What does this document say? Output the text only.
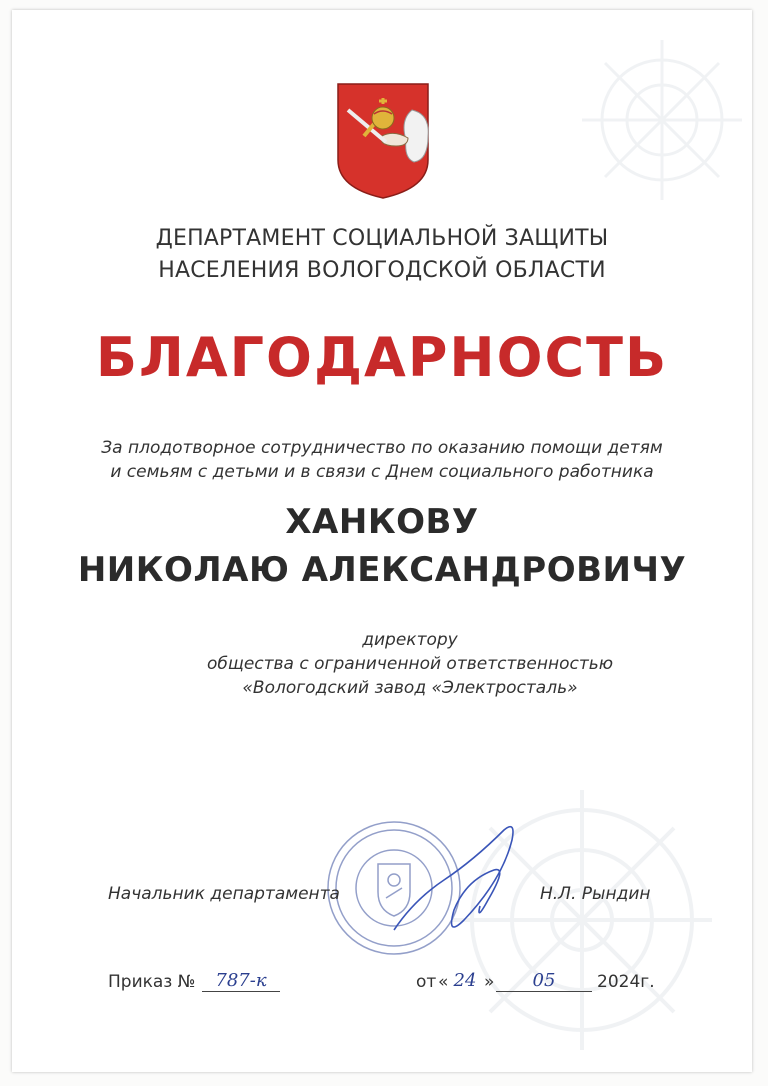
ДЕПАРТАМЕНТ СОЦИАЛЬНОЙ ЗАЩИТЫ
НАСЕЛЕНИЯ ВОЛОГОДСКОЙ ОБЛАСТИ
БЛАГОДАРНОСТЬ
За плодотворное сотрудничество по оказанию помощи детям
и семьям с детьми и в связи с Днем социального работника
ХАНКОВУ
НИКОЛАЮ АЛЕКСАНДРОВИЧУ
директору
общества с ограниченной ответственностью
«Вологодский завод «Электросталь»
Начальник департамента	Н.Л. Рындин
Приказ №	787-к	от « 24 »	05	2024г.
